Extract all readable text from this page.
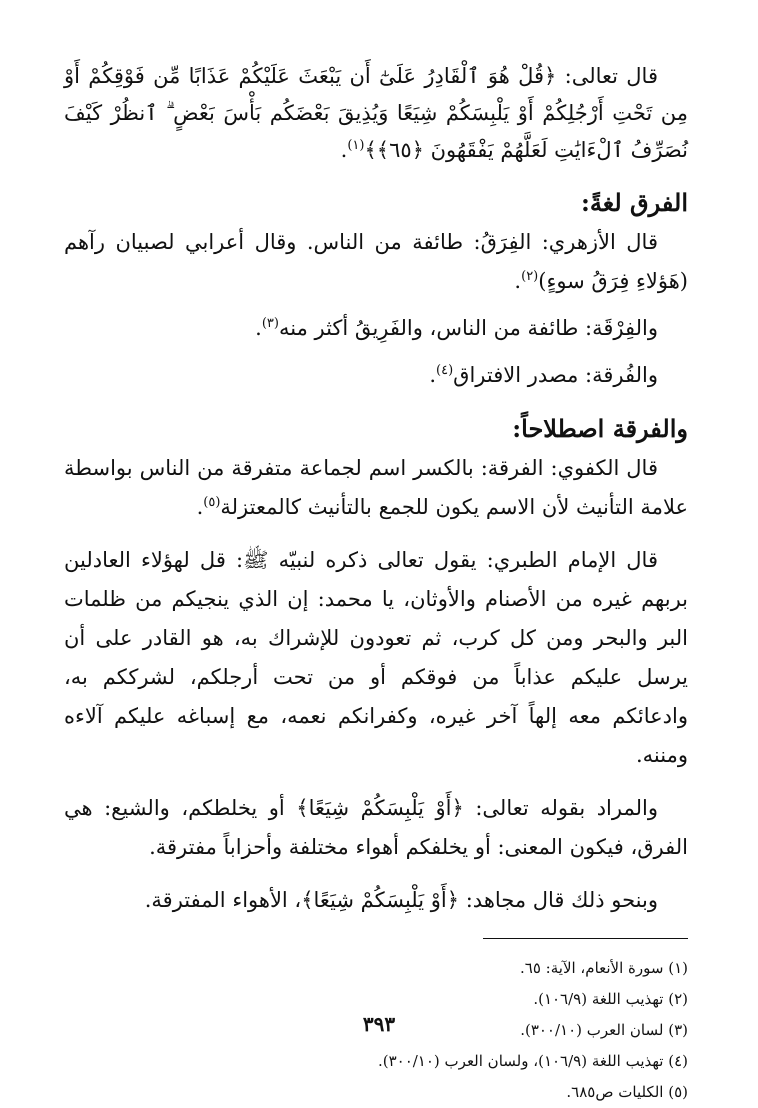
قال تعالى: ﴿قُلْ هُوَ ٱلْقَادِرُ عَلَىٰٓ أَن يَبْعَثَ عَلَيْكُمْ عَذَابًا مِّن فَوْقِكُمْ أَوْ مِن تَحْتِ أَرْجُلِكُمْ أَوْ يَلْبِسَكُمْ شِيَعًا وَيُذِيقَ بَعْضَكُم بَأْسَ بَعْضٍ ۗ ٱنظُرْ كَيْفَ نُصَرِّفُ ٱلْءَايَٰتِ لَعَلَّهُمْ يَفْقَهُونَ ﴿٦٥﴾﴾$^{(١)}$.

الفرق لغةً:

قال الأزهري: الفِرَقُ: طائفة من الناس. وقال أعرابي لصبيان رآهم (هَؤلاءِ فِرَقُ سوءٍ)$^{(٢)}$.

والفِرْقَة: طائفة من الناس، والفَرِيقُ أكثر منه$^{(٣)}$.

والفُرقة: مصدر الافتراق$^{(٤)}$.

والفرقة اصطلاحاً:

قال الكفوي: الفرقة: بالكسر اسم لجماعة متفرقة من الناس بواسطة علامة التأنيث لأن الاسم يكون للجمع بالتأنيث كالمعتزلة$^{(٥)}$.

قال الإمام الطبري: يقول تعالى ذكره لنبيّه ﷺ: قل لهؤلاء العادلين بربهم غيره من الأصنام والأوثان، يا محمد: إن الذي ينجيكم من ظلمات البر والبحر ومن كل كرب، ثم تعودون للإشراك به، هو القادر على أن يرسل عليكم عذاباً من فوقكم أو من تحت أرجلكم، لشرككم به، وادعائكم معه إلهاً آخر غيره، وكفرانكم نعمه، مع إسباغه عليكم آلاءه ومننه.

والمراد بقوله تعالى: ﴿أَوْ يَلْبِسَكُمْ شِيَعًا﴾ أو يخلطكم، والشيع: هي الفرق، فيكون المعنى: أو يخلفكم أهواء مختلفة وأحزاباً مفترقة.

وبنحو ذلك قال مجاهد: ﴿أَوْ يَلْبِسَكُمْ شِيَعًا﴾، الأهواء المفترقة.

(١) سورة الأنعام، الآية: ٦٥.
(٢) تهذيب اللغة (١٠٦/٩).
(٣) لسان العرب (٣٠٠/١٠).
(٤) تهذيب اللغة (١٠٦/٩)، ولسان العرب (٣٠٠/١٠).
(٥) الكليات ص٦٨٥.
٣٩٣
